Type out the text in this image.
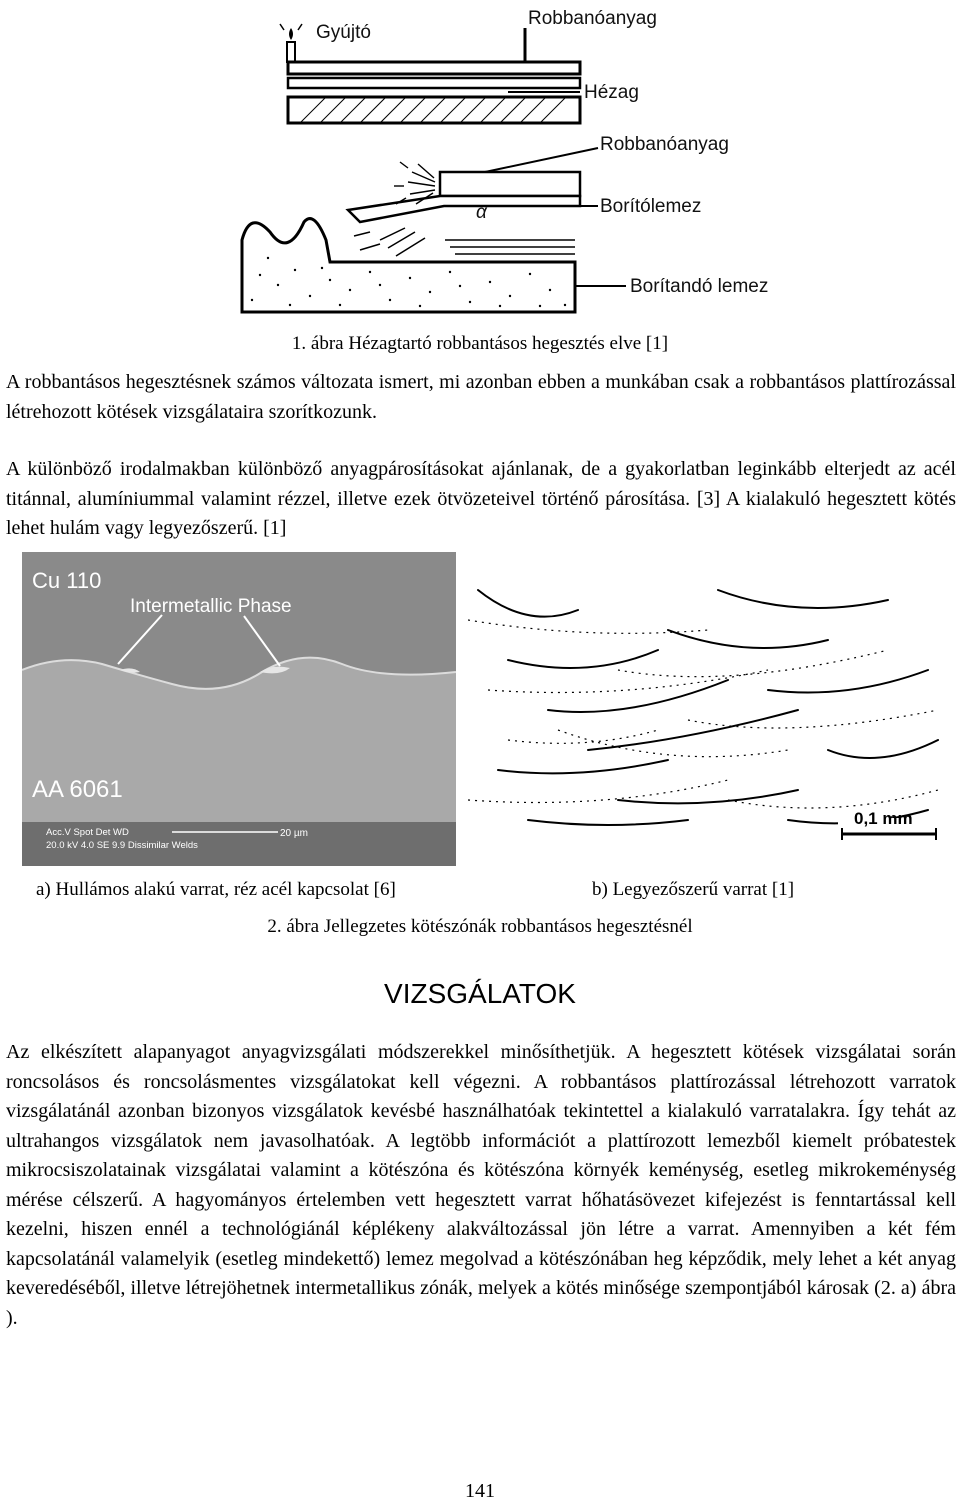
Gyújtó
Robbanóanyag
Hézag
Robbanóanyag
Borítólemez
α
Borítandó lemez
1. ábra Hézagtartó robbantásos hegesztés elve [1]
A robbantásos hegesztésnek számos változata ismert, mi azonban ebben a munkában csak a robbantásos plattírozással létrehozott kötések vizsgálataira szorítkozunk.
A különböző irodalmakban különböző anyagpárosításokat ajánlanak, de a gyakorlatban leginkább elterjedt az acél titánnal, alumíniummal valamint rézzel, illetve ezek ötvözeteivel történő párosítása. [3] A kialakuló hegesztett kötés lehet hulám vagy legyezőszerű. [1]
Cu 110
Intermetallic Phase
AA 6061
Acc.V Spot Det WD
20.0 kV 4.0 SE 9.9 Dissimilar Welds
20 µm
0,1 mm
a) Hullámos alakú varrat, réz acél kapcsolat [6]	b) Legyezőszerű varrat [1]
2. ábra Jellegzetes kötészónák robbantásos hegesztésnél
VIZSGÁLATOK
Az elkészített alapanyagot anyagvizsgálati módszerekkel minősíthetjük. A hegesztett kötések vizsgálatai során roncsolásos és roncsolásmentes vizsgálatokat kell végezni. A robbantásos plattírozással létrehozott varratok vizsgálatánál azonban bizonyos vizsgálatok kevésbé használhatóak tekintettel a kialakuló varratalakra. Így tehát az ultrahangos vizsgálatok nem javasolhatóak. A legtöbb információt a plattírozott lemezből kiemelt próbatestek mikrocsiszolatainak vizsgálatai valamint a kötészóna és kötészóna környék keménység, esetleg mikrokeménység mérése célszerű. A hagyományos értelemben vett hegesztett varrat hőhatásövezet kifejezést is fenntartással kell kezelni, hiszen ennél a technológiánál képlékeny alakváltozással jön létre a varrat. Amennyiben a két fém kapcsolatánál valamelyik (esetleg mindekettő) lemez megolvad a kötészónában heg képződik, mely lehet a két anyag keveredéséből, illetve létrejöhetnek intermetallikus zónák, melyek a kötés minősége szempontjából károsak (2. a) ábra ).
141
